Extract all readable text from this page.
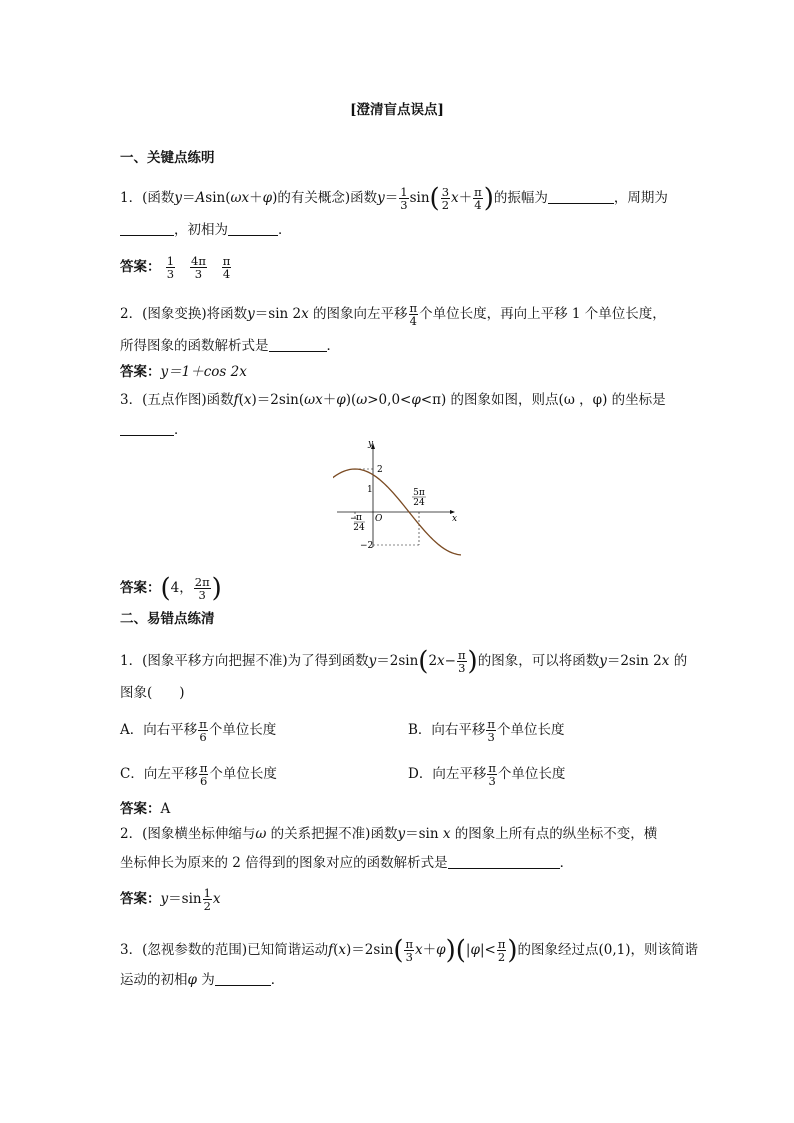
[澄清盲点误点]
一、关键点练明
1．(函数y＝Asin(ωx＋φ)的有关概念)函数$y= \frac{1}{3} \sin( \frac{3}{2} x+ \frac{\pi}{4}$ )的振幅为	，周期为
，初相为	．
答案： $\frac{1}{3}$
$\frac{4\pi}{3}$
$\frac{\pi}{4}$
2．(图象变换)将函数y＝sin 2x 的图象向左平移 $\frac{\pi}{4}$ 个单位长度，再向上平移 1 个单位长度，
所得图象的函数解析式是	．
答案：y＝1＋cos 2x
3．(五点作图)函数f(x)＝2sin(ωx＋φ)(ω>0,0<φ<π) 的图象如图，则点(ω ，φ) 的坐标是
．
y
x
O
2
1
−2
−
π
24
5π
24
答案：(4， $\frac{2\pi}{3}$ )
二、易错点练清
1．(图象平移方向把握不准)为了得到函数$y=2\sin(2x- \frac{\pi}{3}$ )的图象，可以将函数y＝2sin 2x 的
图象(　　)
A．向右平移 $\frac{\pi}{6}$ 个单位长度	B．向右平移 $\frac{\pi}{3}$ 个单位长度
C．向左平移 $\frac{\pi}{6}$ 个单位长度	D．向左平移 $\frac{\pi}{3}$ 个单位长度
答案：A
2．(图象横坐标伸缩与ω 的关系把握不准)函数y＝sin x 的图象上所有点的纵坐标不变，横
坐标伸长为原来的 2 倍得到的图象对应的函数解析式是	．
答案：$y=\sin \frac{1}{2}$ x
3．(忽视参数的范围)已知简谐运动$f(x)=2\sin( \frac{\pi}{3} x+\varphi)(|\varphi|< \frac{\pi}{2}$ )的图象经过点(0,1)，则该简谐
运动的初相φ 为	．
